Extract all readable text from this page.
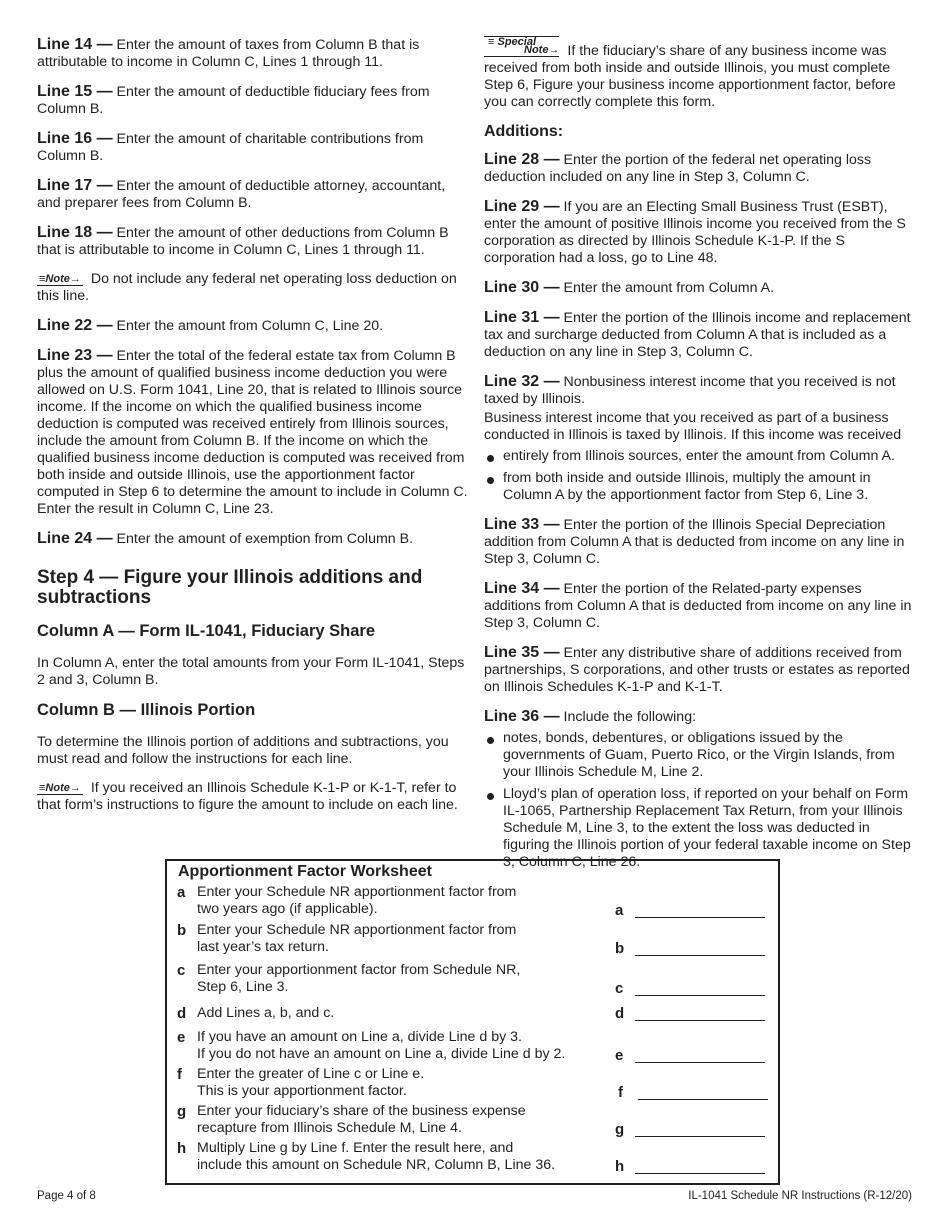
Line 14 — Enter the amount of taxes from Column B that is attributable to income in Column C, Lines 1 through 11.

Line 15 — Enter the amount of deductible fiduciary fees from Column B.

Line 16 — Enter the amount of charitable contributions from Column B.

Line 17 — Enter the amount of deductible attorney, accountant, and preparer fees from Column B.

Line 18 — Enter the amount of other deductions from Column B that is attributable to income in Column C, Lines 1 through 11.

≡Note→ Do not include any federal net operating loss deduction on this line.

Line 22 — Enter the amount from Column C, Line 20.

Line 23 — Enter the total of the federal estate tax from Column B plus the amount of qualified business income deduction you were allowed on U.S. Form 1041, Line 20, that is related to Illinois source income. If the income on which the qualified business income deduction is computed was received entirely from Illinois sources, include the amount from Column B. If the income on which the qualified business income deduction is computed was received from both inside and outside Illinois, use the apportionment factor computed in Step 6 to determine the amount to include in Column C. Enter the result in Column C, Line 23.

Line 24 — Enter the amount of exemption from Column B.

Step 4 — Figure your Illinois additions and subtractions
Column A — Form IL-1041, Fiduciary Share

In Column A, enter the total amounts from your Form IL-1041, Steps 2 and 3, Column B.

Column B — Illinois Portion

To determine the Illinois portion of additions and subtractions, you must read and follow the instructions for each line.

≡Note→ If you received an Illinois Schedule K-1-P or K-1-T, refer to that form’s instructions to figure the amount to include on each line.

≡ Special
Note→ If the fiduciary’s share of any business income was received from both inside and outside Illinois, you must complete Step 6, Figure your business income apportionment factor, before you can correctly complete this form.

Additions:

Line 28 — Enter the portion of the federal net operating loss deduction included on any line in Step 3, Column C.

Line 29 — If you are an Electing Small Business Trust (ESBT), enter the amount of positive Illinois income you received from the S corporation as directed by Illinois Schedule K-1-P. If the S corporation had a loss, go to Line 48.

Line 30 — Enter the amount from Column A.

Line 31 — Enter the portion of the Illinois income and replacement tax and surcharge deducted from Column A that is included as a deduction on any line in Step 3, Column C.

Line 32 — Nonbusiness interest income that you received is not taxed by Illinois.

Business interest income that you received as part of a business conducted in Illinois is taxed by Illinois. If this income was received

entirely from Illinois sources, enter the amount from Column A.
from both inside and outside Illinois, multiply the amount in Column A by the apportionment factor from Step 6, Line 3.

Line 33 — Enter the portion of the Illinois Special Depreciation addition from Column A that is deducted from income on any line in Step 3, Column C.

Line 34 — Enter the portion of the Related-party expenses additions from Column A that is deducted from income on any line in Step 3, Column C.

Line 35 — Enter any distributive share of additions received from partnerships, S corporations, and other trusts or estates as reported on Illinois Schedules K-1-P and K-1-T.

Line 36 — Include the following:

notes, bonds, debentures, or obligations issued by the governments of Guam, Puerto Rico, or the Virgin Islands, from your Illinois Schedule M, Line 2.
Lloyd’s plan of operation loss, if reported on your behalf on Form IL-1065, Partnership Replacement Tax Return, from your Illinois Schedule M, Line 3, to the extent the loss was deducted in figuring the Illinois portion of your federal taxable income on Step 3, Column C, Line 26.
Apportionment Factor Worksheet
a Enter your Schedule NR apportionment factor from
two years ago (if applicable).	a
b Enter your Schedule NR apportionment factor from
last year’s tax return.	b
c Enter your apportionment factor from Schedule NR,
Step 6, Line 3.	c
d Add Lines a, b, and c.	d
e If you have an amount on Line a, divide Line d by 3.
If you do not have an amount on Line a, divide Line d by 2.	e
f Enter the greater of Line c or Line e.
This is your apportionment factor.	f
g Enter your fiduciary’s share of the business expense
recapture from Illinois Schedule M, Line 4.	g
h Multiply Line g by Line f. Enter the result here, and
include this amount on Schedule NR, Column B, Line 36.	h
Page 4 of 8	IL-1041 Schedule NR Instructions (R-12/20)
